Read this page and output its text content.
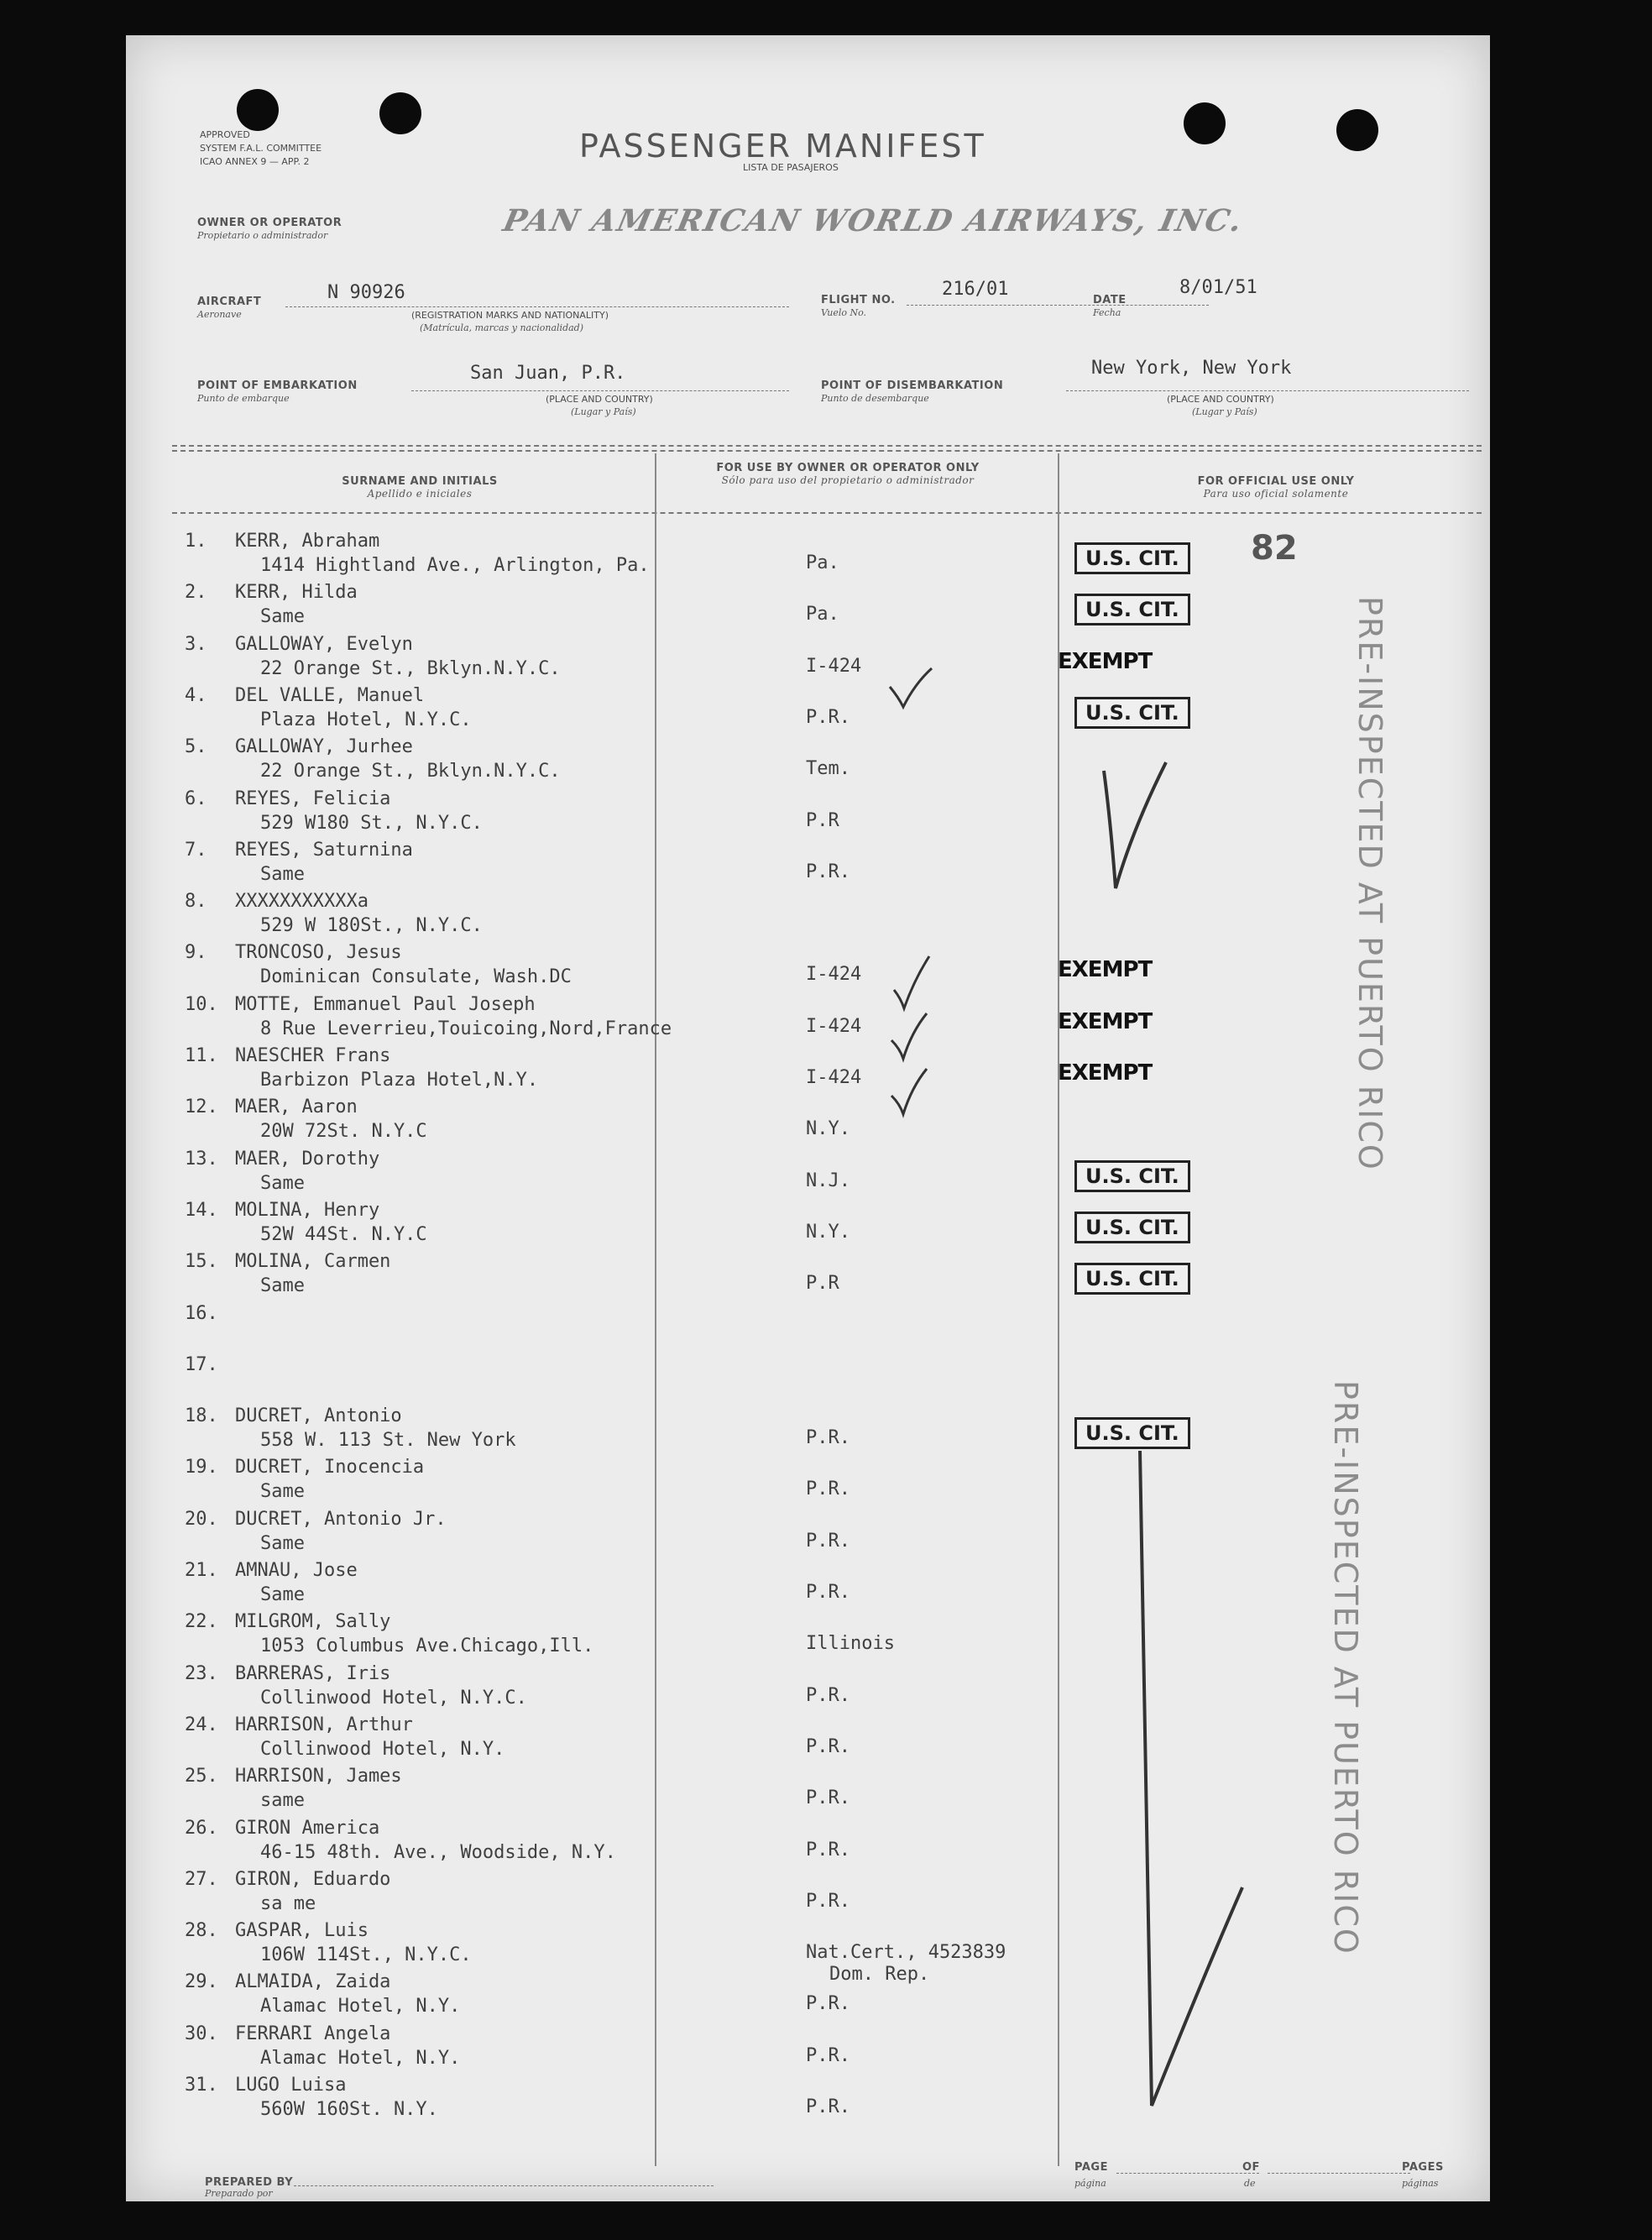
APPROVED
SYSTEM F.A.L. COMMITTEE
ICAO ANNEX 9 — APP. 2	PASSENGER MANIFEST
LISTA DE PASAJEROS
OWNER OR OPERATOR
Propietario o administrador	PAN AMERICAN WORLD AIRWAYS, INC.
AIRCRAFT
Aeronave
N 90926
(REGISTRATION MARKS AND NATIONALITY)
(Matrícula, marcas y nacionalidad)
FLIGHT NO.
Vuelo No.
216/01
DATE
Fecha
8/01/51
POINT OF EMBARKATION
Punto de embarque
San Juan, P.R.
(PLACE AND COUNTRY)
(Lugar y País)
POINT OF DISEMBARKATION
Punto de desembarque
New York, New York
(PLACE AND COUNTRY)
(Lugar y País)
SURNAME AND INITIALS
Apellido e iniciales
FOR USE BY OWNER OR OPERATOR ONLY
Sólo para uso del propietario o administrador	FOR OFFICIAL USE ONLY
Para uso oficial solamente
82
1. KERR, Abraham
1414 Hightland Ave., Arlington, Pa.	Pa.	U.S. CIT.
2. KERR, Hilda
Same	Pa.	U.S. CIT.
3. GALLOWAY, Evelyn
22 Orange St., Bklyn.N.Y.C.	I-424	EXEMPT
4. DEL VALLE, Manuel
Plaza Hotel, N.Y.C.	P.R.	U.S. CIT.
5. GALLOWAY, Jurhee
22 Orange St., Bklyn.N.Y.C.	Tem.
6. REYES, Felicia
529 W180 St., N.Y.C.	P.R
7. REYES, Saturnina
Same	P.R.
8. XXXXXXXXXXXa
529 W 180St., N.Y.C.
9. TRONCOSO, Jesus
Dominican Consulate, Wash.DC	I-424	EXEMPT
10. MOTTE, Emmanuel Paul Joseph
8 Rue Leverrieu,Touicoing,Nord,France	I-424	EXEMPT
11. NAESCHER Frans
Barbizon Plaza Hotel,N.Y.	I-424	EXEMPT
12. MAER, Aaron
20W 72St. N.Y.C	N.Y.
13. MAER, Dorothy
Same	N.J.	U.S. CIT.
14. MOLINA, Henry
52W 44St. N.Y.C	N.Y.	U.S. CIT.
15. MOLINA, Carmen
Same	P.R	U.S. CIT.
16.
17.
18. DUCRET, Antonio
558 W. 113 St. New York	P.R.	U.S. CIT.
19. DUCRET, Inocencia
Same	P.R.
20. DUCRET, Antonio Jr.
Same	P.R.
21. AMNAU, Jose
Same	P.R.
22. MILGROM, Sally
1053 Columbus Ave.Chicago,Ill.	Illinois
23. BARRERAS, Iris
Collinwood Hotel, N.Y.C.	P.R.
24. HARRISON, Arthur
Collinwood Hotel, N.Y.	P.R.
25. HARRISON, James
same	P.R.
26. GIRON America
46-15 48th. Ave., Woodside, N.Y.	P.R.
27. GIRON, Eduardo
sa me	P.R.
28. GASPAR, Luis
106W 114St., N.Y.C.	Nat.Cert., 4523839
Dom. Rep.
29. ALMAIDA, Zaida
Alamac Hotel, N.Y.	P.R.
30. FERRARI Angela
Alamac Hotel, N.Y.	P.R.
31. LUGO Luisa
560W 160St. N.Y.	P.R.
PRE-INSPECTED AT PUERTO RICO
PRE-INSPECTED AT PUERTO RICO
PREPARED BY
Preparado por
PAGE
página
OF
de
PAGES
páginas
